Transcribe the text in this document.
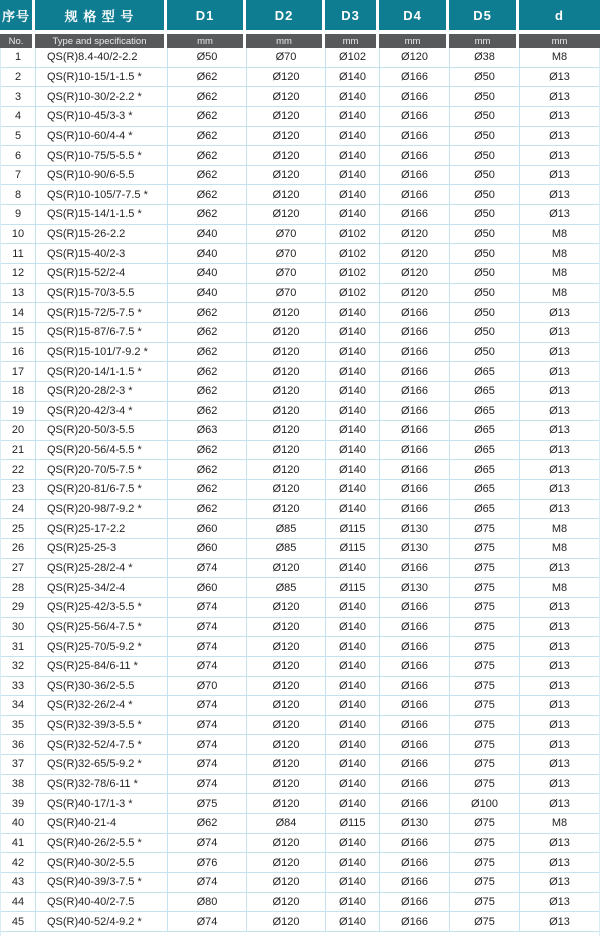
序号	规 格 型 号	D1	D2	D3	D4	D5	d
No.	Type and specification	mm	mm	mm	mm	mm	mm
1	QS(R)8.4-40/2-2.2	Ø50	Ø70	Ø102	Ø120	Ø38	M8
2	QS(R)10-15/1-1.5 *	Ø62	Ø120	Ø140	Ø166	Ø50	Ø13
3	QS(R)10-30/2-2.2 *	Ø62	Ø120	Ø140	Ø166	Ø50	Ø13
4	QS(R)10-45/3-3 *	Ø62	Ø120	Ø140	Ø166	Ø50	Ø13
5	QS(R)10-60/4-4 *	Ø62	Ø120	Ø140	Ø166	Ø50	Ø13
6	QS(R)10-75/5-5.5 *	Ø62	Ø120	Ø140	Ø166	Ø50	Ø13
7	QS(R)10-90/6-5.5	Ø62	Ø120	Ø140	Ø166	Ø50	Ø13
8	QS(R)10-105/7-7.5 *	Ø62	Ø120	Ø140	Ø166	Ø50	Ø13
9	QS(R)15-14/1-1.5 *	Ø62	Ø120	Ø140	Ø166	Ø50	Ø13
10	QS(R)15-26-2.2	Ø40	Ø70	Ø102	Ø120	Ø50	M8
11	QS(R)15-40/2-3	Ø40	Ø70	Ø102	Ø120	Ø50	M8
12	QS(R)15-52/2-4	Ø40	Ø70	Ø102	Ø120	Ø50	M8
13	QS(R)15-70/3-5.5	Ø40	Ø70	Ø102	Ø120	Ø50	M8
14	QS(R)15-72/5-7.5 *	Ø62	Ø120	Ø140	Ø166	Ø50	Ø13
15	QS(R)15-87/6-7.5 *	Ø62	Ø120	Ø140	Ø166	Ø50	Ø13
16	QS(R)15-101/7-9.2 *	Ø62	Ø120	Ø140	Ø166	Ø50	Ø13
17	QS(R)20-14/1-1.5 *	Ø62	Ø120	Ø140	Ø166	Ø65	Ø13
18	QS(R)20-28/2-3 *	Ø62	Ø120	Ø140	Ø166	Ø65	Ø13
19	QS(R)20-42/3-4 *	Ø62	Ø120	Ø140	Ø166	Ø65	Ø13
20	QS(R)20-50/3-5.5	Ø63	Ø120	Ø140	Ø166	Ø65	Ø13
21	QS(R)20-56/4-5.5 *	Ø62	Ø120	Ø140	Ø166	Ø65	Ø13
22	QS(R)20-70/5-7.5 *	Ø62	Ø120	Ø140	Ø166	Ø65	Ø13
23	QS(R)20-81/6-7.5 *	Ø62	Ø120	Ø140	Ø166	Ø65	Ø13
24	QS(R)20-98/7-9.2 *	Ø62	Ø120	Ø140	Ø166	Ø65	Ø13
25	QS(R)25-17-2.2	Ø60	Ø85	Ø115	Ø130	Ø75	M8
26	QS(R)25-25-3	Ø60	Ø85	Ø115	Ø130	Ø75	M8
27	QS(R)25-28/2-4 *	Ø74	Ø120	Ø140	Ø166	Ø75	Ø13
28	QS(R)25-34/2-4	Ø60	Ø85	Ø115	Ø130	Ø75	M8
29	QS(R)25-42/3-5.5 *	Ø74	Ø120	Ø140	Ø166	Ø75	Ø13
30	QS(R)25-56/4-7.5 *	Ø74	Ø120	Ø140	Ø166	Ø75	Ø13
31	QS(R)25-70/5-9.2 *	Ø74	Ø120	Ø140	Ø166	Ø75	Ø13
32	QS(R)25-84/6-11 *	Ø74	Ø120	Ø140	Ø166	Ø75	Ø13
33	QS(R)30-36/2-5.5	Ø70	Ø120	Ø140	Ø166	Ø75	Ø13
34	QS(R)32-26/2-4 *	Ø74	Ø120	Ø140	Ø166	Ø75	Ø13
35	QS(R)32-39/3-5.5 *	Ø74	Ø120	Ø140	Ø166	Ø75	Ø13
36	QS(R)32-52/4-7.5 *	Ø74	Ø120	Ø140	Ø166	Ø75	Ø13
37	QS(R)32-65/5-9.2 *	Ø74	Ø120	Ø140	Ø166	Ø75	Ø13
38	QS(R)32-78/6-11 *	Ø74	Ø120	Ø140	Ø166	Ø75	Ø13
39	QS(R)40-17/1-3 *	Ø75	Ø120	Ø140	Ø166	Ø100	Ø13
40	QS(R)40-21-4	Ø62	Ø84	Ø115	Ø130	Ø75	M8
41	QS(R)40-26/2-5.5 *	Ø74	Ø120	Ø140	Ø166	Ø75	Ø13
42	QS(R)40-30/2-5.5	Ø76	Ø120	Ø140	Ø166	Ø75	Ø13
43	QS(R)40-39/3-7.5 *	Ø74	Ø120	Ø140	Ø166	Ø75	Ø13
44	QS(R)40-40/2-7.5	Ø80	Ø120	Ø140	Ø166	Ø75	Ø13
45	QS(R)40-52/4-9.2 *	Ø74	Ø120	Ø140	Ø166	Ø75	Ø13
